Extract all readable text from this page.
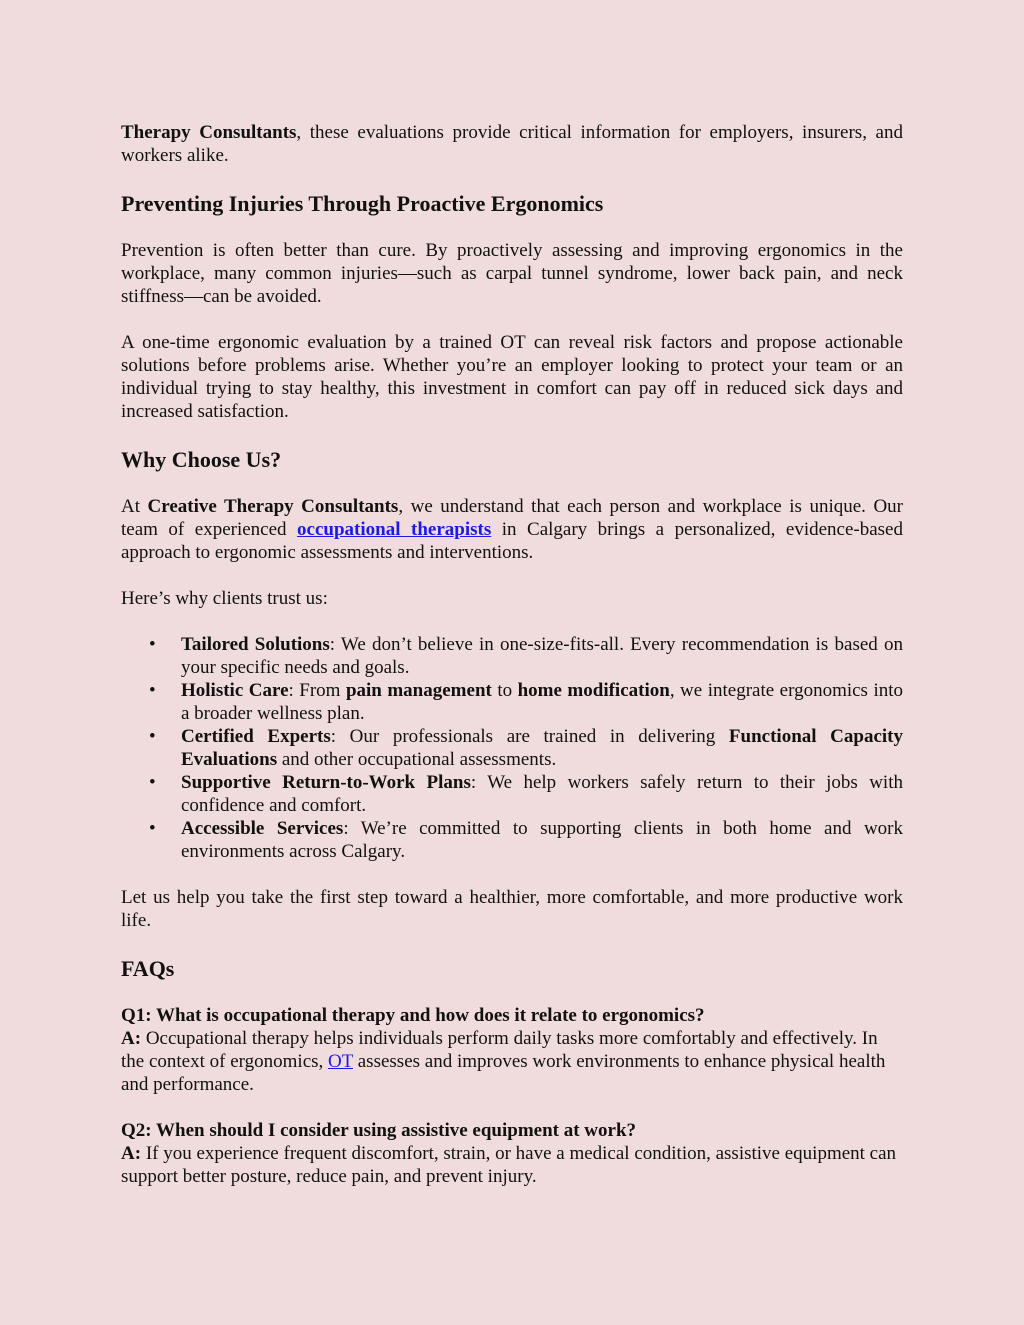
Therapy Consultants, these evaluations provide critical information for employers, insurers, and workers alike.

Preventing Injuries Through Proactive Ergonomics

Prevention is often better than cure. By proactively assessing and improving ergonomics in the workplace, many common injuries—such as carpal tunnel syndrome, lower back pain, and neck stiffness—can be avoided.

A one-time ergonomic evaluation by a trained OT can reveal risk factors and propose actionable solutions before problems arise. Whether you’re an employer looking to protect your team or an individual trying to stay healthy, this investment in comfort can pay off in reduced sick days and increased satisfaction.

Why Choose Us?

At Creative Therapy Consultants, we understand that each person and workplace is unique. Our team of experienced occupational therapists in Calgary brings a personalized, evidence-based approach to ergonomic assessments and interventions.

Here’s why clients trust us:

• Tailored Solutions: We don’t believe in one-size-fits-all. Every recommendation is based on your specific needs and goals.
• Holistic Care: From pain management to home modification, we integrate ergonomics into a broader wellness plan.
• Certified Experts: Our professionals are trained in delivering Functional Capacity Evaluations and other occupational assessments.
• Supportive Return-to-Work Plans: We help workers safely return to their jobs with confidence and comfort.
• Accessible Services: We’re committed to supporting clients in both home and work environments across Calgary.

Let us help you take the first step toward a healthier, more comfortable, and more productive work life.

FAQs

Q1: What is occupational therapy and how does it relate to ergonomics?

A: Occupational therapy helps individuals perform daily tasks more comfortably and effectively. In the context of ergonomics, OT assesses and improves work environments to enhance physical health and performance.

Q2: When should I consider using assistive equipment at work?

A: If you experience frequent discomfort, strain, or have a medical condition, assistive equipment can support better posture, reduce pain, and prevent injury.
